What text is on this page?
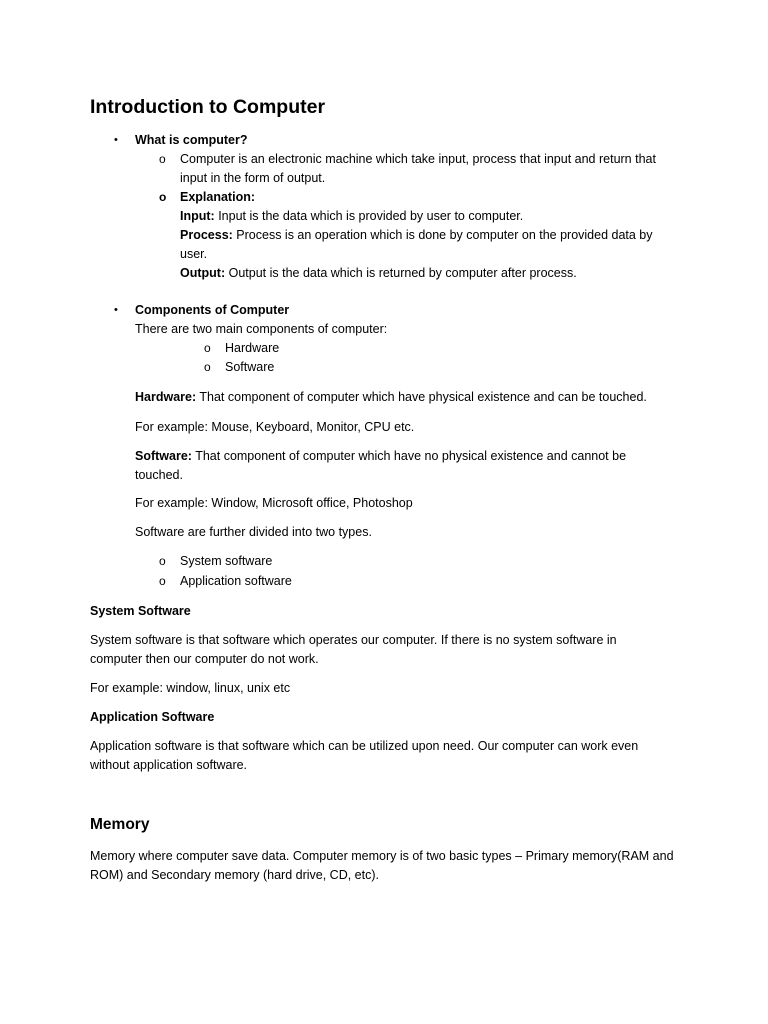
Introduction to Computer
• What is computer?
o Computer is an electronic machine which take input, process that input and return that input in the form of output.
o Explanation:
Input: Input is the data which is provided by user to computer.
Process: Process is an operation which is done by computer on the provided data by user.
Output: Output is the data which is returned by computer after process.
• Components of Computer
There are two main components of computer:
o Hardware
o Software
Hardware: That component of computer which have physical existence and can be touched.
For example: Mouse, Keyboard, Monitor, CPU etc.
Software: That component of computer which have no physical existence and cannot be touched.
For example: Window, Microsoft office, Photoshop
Software are further divided into two types.
o System software
o Application software
System Software
System software is that software which operates our computer. If there is no system software in computer then our computer do not work.
For example: window, linux, unix etc
Application Software
Application software is that software which can be utilized upon need. Our computer can work even without application software.
Memory
Memory where computer save data. Computer memory is of two basic types – Primary memory(RAM and ROM) and Secondary memory (hard drive, CD, etc).
